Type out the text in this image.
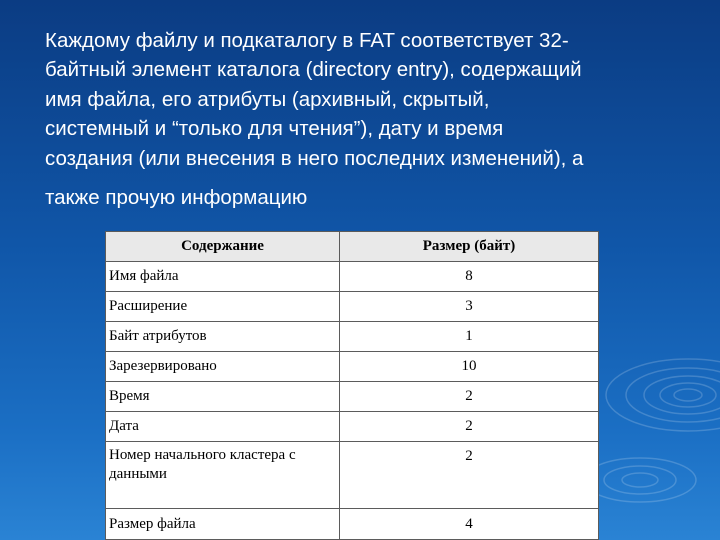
Каждому файлу и подкаталогу в FAT соответствует 32-
байтный элемент каталога (directory entry), содержащий
имя файла, его атрибуты (архивный, скрытый,
системный и “только для чтения”), дату и время
создания (или внесения в него последних изменений), а
также прочую информацию
Содержание	Размер (байт)
Имя файла	8
Расширение	3
Байт атрибутов	1
Зарезервировано	10
Время	2
Дата	2
Номер начального кластера с данными	2
Размер файла	4
